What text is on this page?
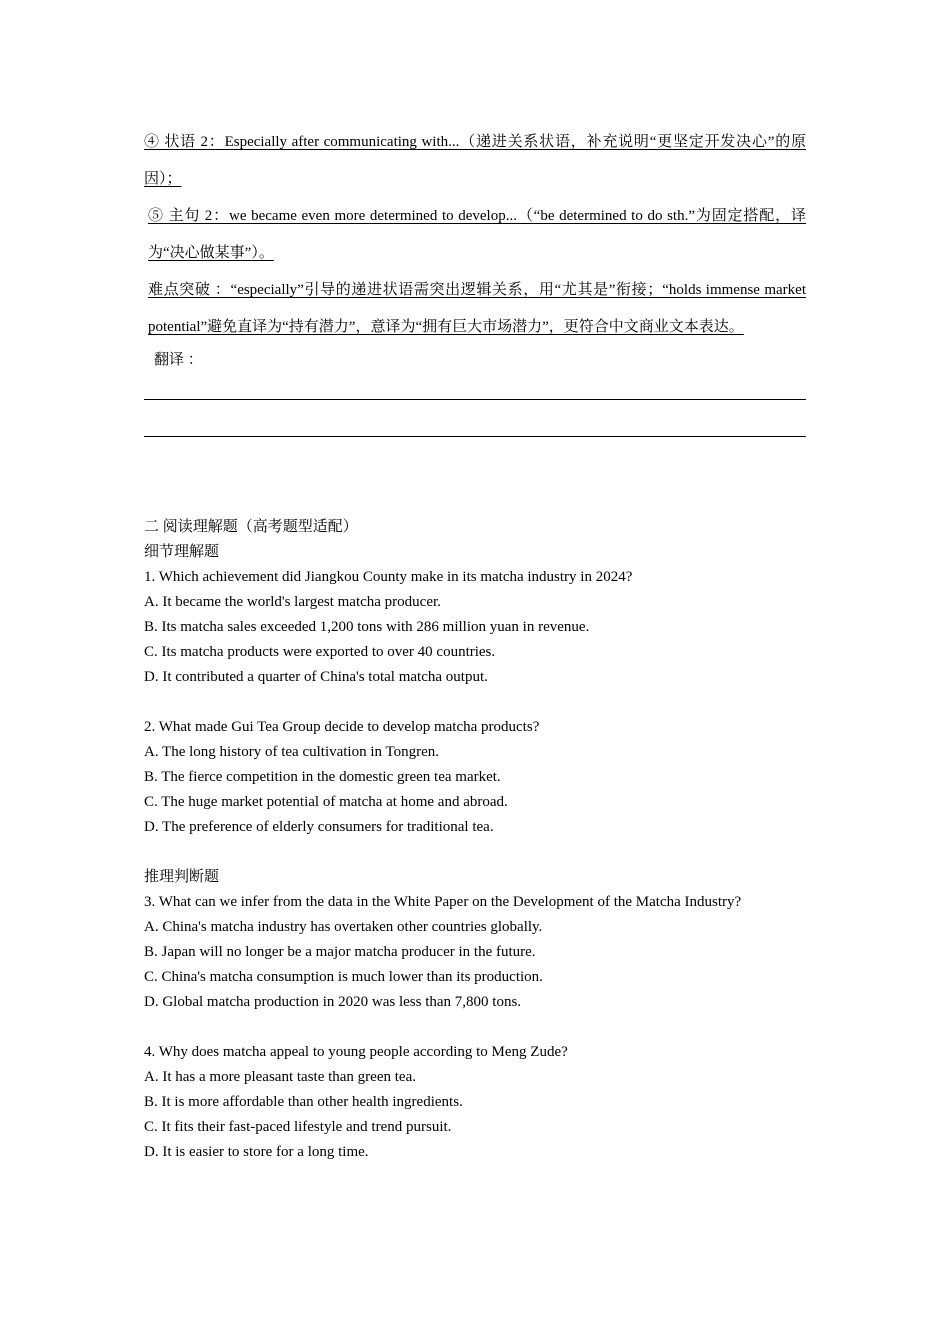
④ 状语 2：Especially after communicating with...（递进关系状语，补充说明“更坚定开发决心”的原因）；
⑤ 主句 2：we became even more determined to develop...（“be determined to do sth.”为固定搭配，译为“决心做某事”）。
难点突破 ：“especially”引导的递进状语需突出逻辑关系，用“尤其是”衔接；“holds immense market potential”避免直译为“持有潜力”，意译为“拥有巨大市场潜力”，更符合中文商业文本表达。
翻译 ：

二 阅读理解题（高考题型适配）

细节理解题

1. Which achievement did Jiangkou County make in its matcha industry in 2024?

A. It became the world's largest matcha producer.

B. Its matcha sales exceeded 1,200 tons with 286 million yuan in revenue.

C. Its matcha products were exported to over 40 countries.

D. It contributed a quarter of China's total matcha output.

2. What made Gui Tea Group decide to develop matcha products?

A. The long history of tea cultivation in Tongren.

B. The fierce competition in the domestic green tea market.

C. The huge market potential of matcha at home and abroad.

D. The preference of elderly consumers for traditional tea.

推理判断题

3. What can we infer from the data in the White Paper on the Development of the Matcha Industry?

A. China's matcha industry has overtaken other countries globally.

B. Japan will no longer be a major matcha producer in the future.

C. China's matcha consumption is much lower than its production.

D. Global matcha production in 2020 was less than 7,800 tons.

4. Why does matcha appeal to young people according to Meng Zude?

A. It has a more pleasant taste than green tea.

B. It is more affordable than other health ingredients.

C. It fits their fast-paced lifestyle and trend pursuit.

D. It is easier to store for a long time.
